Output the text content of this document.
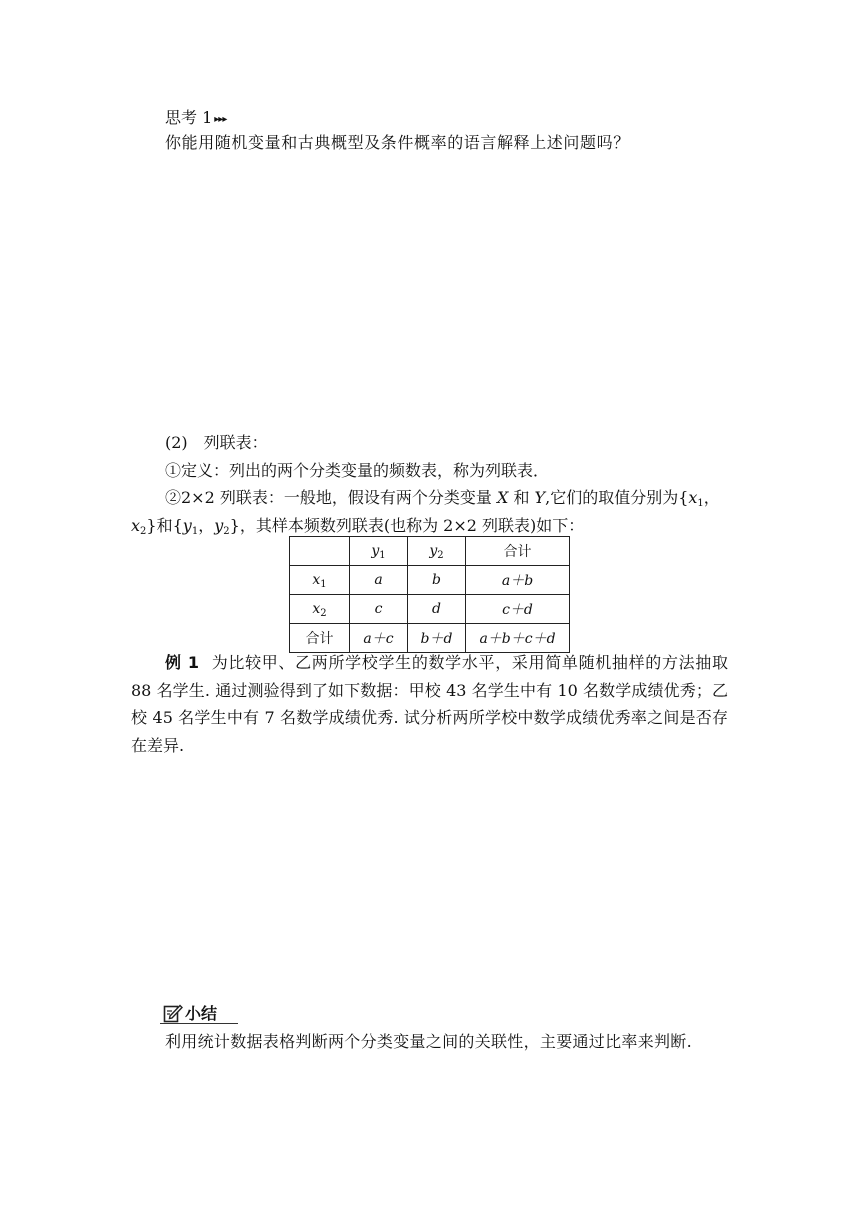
思考 1 ▸▸▸
你能用随机变量和古典概型及条件概率的语言解释上述问题吗？
(2)　列联表：
①定义：列出的两个分类变量的频数表，称为列联表．
②2×2 列联表：一般地，假设有两个分类变量 X 和 Y,它们的取值分别为{$x_1$，
$x_2$}和{$y_1$，$y_2$}，其样本频数列联表(也称为 2×2 列联表)如下：
	$y_1$	$y_2$	合计
$x_1$	a	b	a＋b
$x_2$	c	d	c＋d
合计	a＋c	b＋d	a＋b＋c＋d
例 1 为比较甲、乙两所学校学生的数学水平，采用简单随机抽样的方法抽取 88 名学生. 通过测验得到了如下数据：甲校 43 名学生中有 10 名数学成绩优秀；乙校 45 名学生中有 7 名数学成绩优秀. 试分析两所学校中数学成绩优秀率之间是否存在差异.
小结
利用统计数据表格判断两个分类变量之间的关联性，主要通过比率来判断.
